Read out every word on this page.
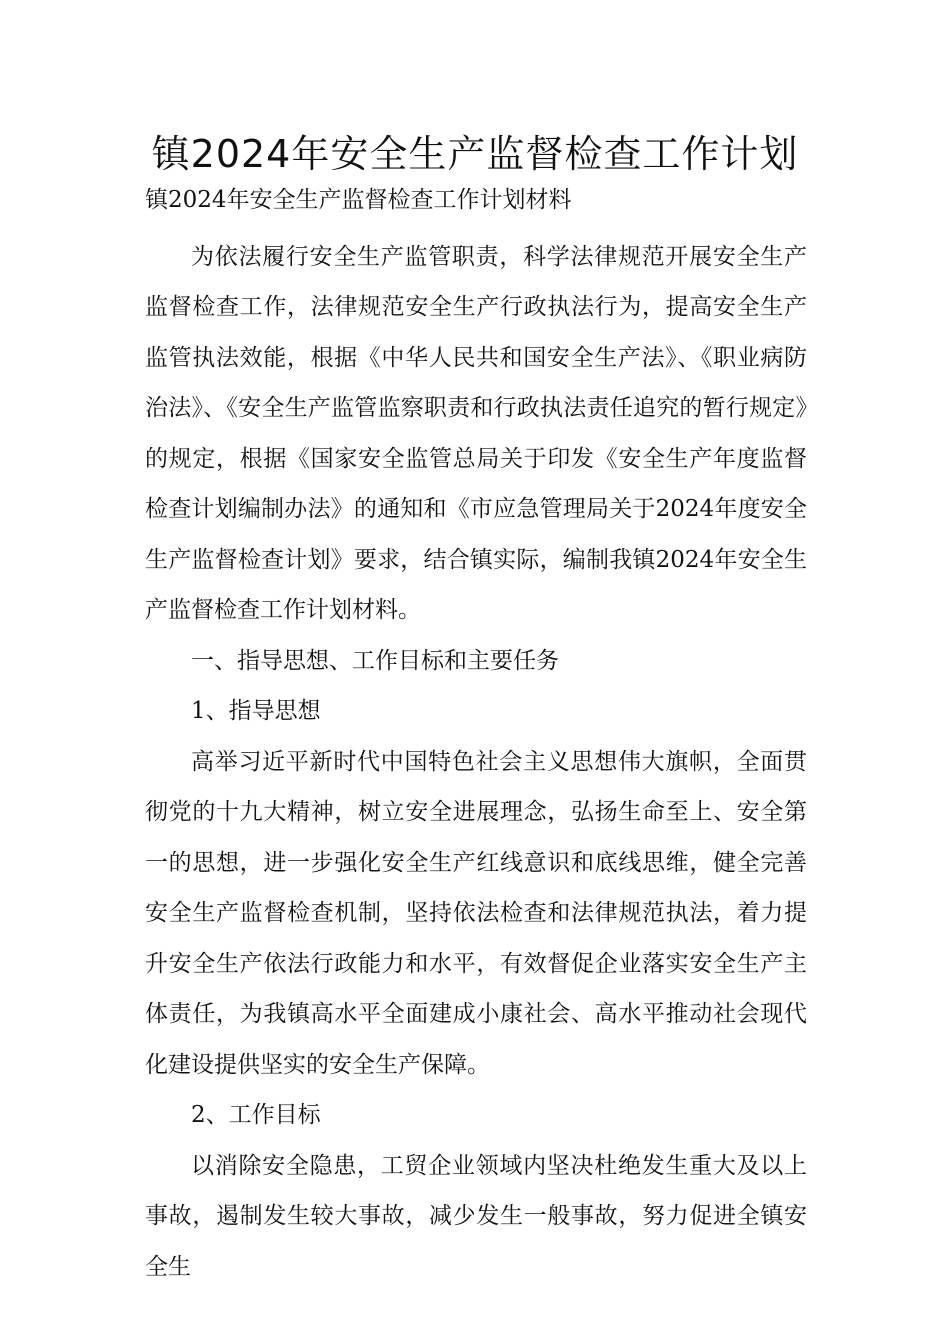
镇2024年安全生产监督检查工作计划

镇2024年安全生产监督检查工作计划材料

为依法履行安全生产监管职责，科学法律规范开展安全生产监督检查工作，法律规范安全生产行政执法行为，提高安全生产监管执法效能，根据《中华人民共和国安全生产法》、《职业病防治法》、《安全生产监管监察职责和行政执法责任追究的暂行规定》的规定，根据《国家安全监管总局关于印发《安全生产年度监督检查计划编制办法》的通知和《市应急管理局关于2024年度安全生产监督检查计划》要求，结合镇实际，编制我镇2024年安全生产监督检查工作计划材料。

一、指导思想、工作目标和主要任务

1、指导思想

高举习近平新时代中国特色社会主义思想伟大旗帜，全面贯彻党的十九大精神，树立安全进展理念，弘扬生命至上、安全第一的思想，进一步强化安全生产红线意识和底线思维，健全完善安全生产监督检查机制，坚持依法检查和法律规范执法，着力提升安全生产依法行政能力和水平，有效督促企业落实安全生产主体责任，为我镇高水平全面建成小康社会、高水平推动社会现代化建设提供坚实的安全生产保障。

2、工作目标

以消除安全隐患，工贸企业领域内坚决杜绝发生重大及以上事故，遏制发生较大事故，减少发生一般事故，努力促进全镇安全生
